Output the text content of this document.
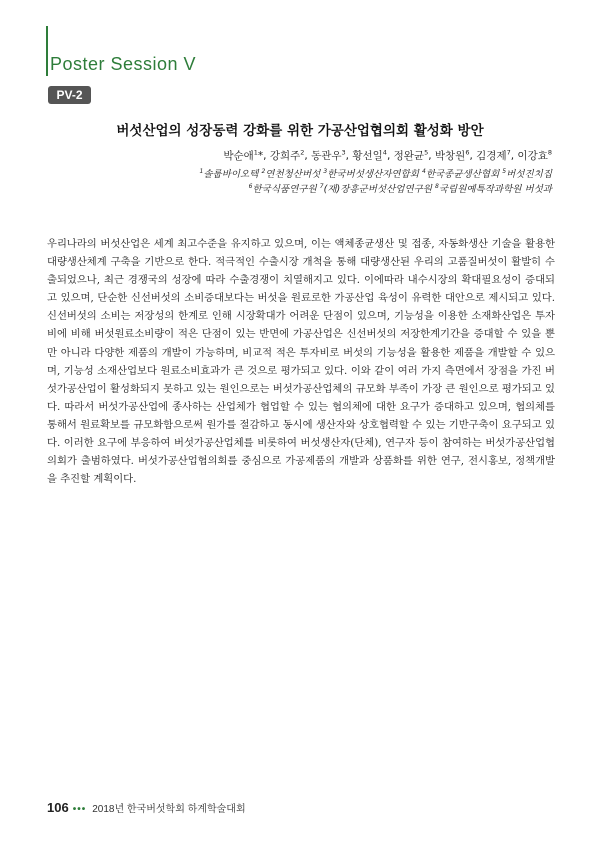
Poster Session V
PV-2
버섯산업의 성장동력 강화를 위한 가공산업협의회 활성화 방안

박순애$^1$*, 강희주$^2$, 동관우$^3$, 황선일$^4$, 정완균$^5$, 박창원$^6$, 김경제$^7$, 이강효$^8$

$^1$솔룹바이오텍 $^2$연천청산버섯 $^3$한국버섯생산자연합회 $^4$한국종균생산협회 $^5$버섯진치집

$^6$한국식품연구원 $^7$(재)장흥군버섯산업연구원 $^8$국립원예특작과학원 버섯과

우리나라의 버섯산업은 세계 최고수준을 유지하고 있으며, 이는 액체종균생산 및 접종, 자동화생산 기술을 활용한 대량생산체계 구축을 기반으로 한다. 적극적인 수출시장 개척을 통해 대량생산된 우리의 고품질버섯이 활발히 수출되었으나, 최근 경쟁국의 성장에 따라 수출경쟁이 치열해지고 있다. 이에따라 내수시장의 확대필요성이 증대되고 있으며, 단순한 신선버섯의 소비증대보다는 버섯을 원료로한 가공산업 육성이 유력한 대안으로 제시되고 있다. 신선버섯의 소비는 저장성의 한계로 인해 시장확대가 어려운 단점이 있으며, 기능성을 이용한 소재화산업은 투자비에 비해 버섯원료소비량이 적은 단점이 있는 반면에 가공산업은 신선버섯의 저장한계기간을 증대할 수 있을 뿐만 아니라 다양한 제품의 개발이 가능하며, 비교적 적은 투자비로 버섯의 기능성을 활용한 제품을 개발할 수 있으며, 기능성 소재산업보다 원료소비효과가 큰 것으로 평가되고 있다. 이와 같이 여러 가지 측면에서 장점을 가진 버섯가공산업이 활성화되지 못하고 있는 원인으로는 버섯가공산업체의 규모화 부족이 가장 큰 원인으로 평가되고 있다. 따라서 버섯가공산업에 종사하는 산업체가 협업할 수 있는 협의체에 대한 요구가 증대하고 있으며, 협의체를 통해서 원료확보를 규모화함으로써 원가를 절감하고 동시에 생산자와 상호협력할 수 있는 기반구축이 요구되고 있다. 이러한 요구에 부응하여 버섯가공산업체를 비롯하여 버섯생산자(단체), 연구자 등이 참여하는 버섯가공산업협의회가 출범하였다. 버섯가공산업협의회를 중심으로 가공제품의 개발과 상품화를 위한 연구, 전시홍보, 정책개발을 추진할 계획이다.

106 ••• 2018년 한국버섯학회 하계학술대회
